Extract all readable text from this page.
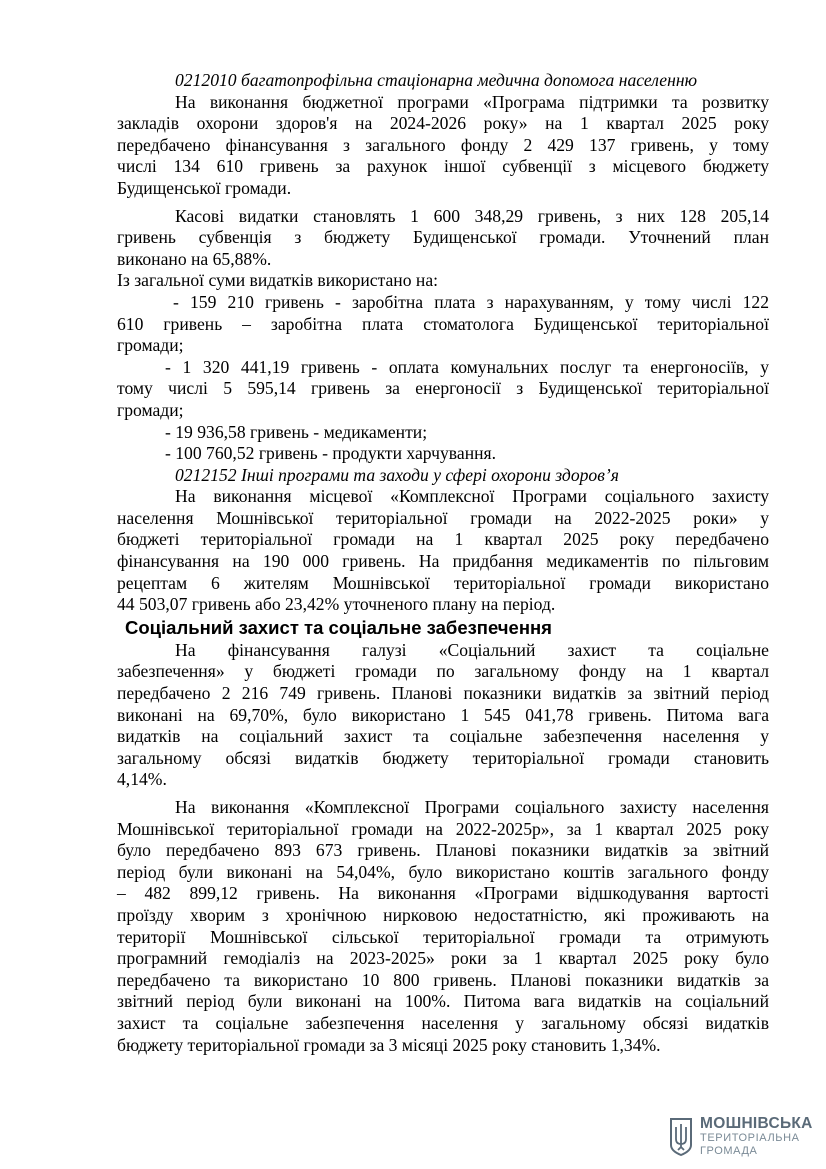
0212010 багатопрофільна стаціонарна медична допомога населенню
На виконання бюджетної програми «Програма підтримки та розвитку
закладів охорони здоров'я на 2024-2026 року» на 1 квартал 2025 року
передбачено фінансування з загального фонду 2 429 137 гривень, у тому
числі 134 610 гривень за рахунок іншої субвенції з місцевого бюджету
Будищенської громади.
Касові видатки становлять 1 600 348,29 гривень, з них 128 205,14
гривень субвенція з бюджету Будищенської громади. Уточнений план
виконано на 65,88%.
Із загальної суми видатків використано на:
- 159 210 гривень - заробітна плата з нарахуванням, у тому числі 122
610 гривень – заробітна плата стоматолога Будищенської територіальної
громади;
- 1 320 441,19 гривень - оплата комунальних послуг та енергоносіїв, у
тому числі 5 595,14 гривень за енергоносії з Будищенської територіальної
громади;
- 19 936,58 гривень - медикаменти;
- 100 760,52 гривень - продукти харчування.
0212152 Інші програми та заходи у сфері охорони здоров’я
На виконання місцевої «Комплексної Програми соціального захисту
населення Мошнівської територіальної громади на 2022-2025 роки» у
бюджеті територіальної громади на 1 квартал 2025 року передбачено
фінансування на 190 000 гривень. На придбання медикаментів по пільговим
рецептам 6 жителям Мошнівської територіальної громади використано
44 503,07 гривень або 23,42% уточненого плану на період.
Соціальний захист та соціальне забезпечення
На фінансування галузі «Соціальний захист та соціальне
забезпечення» у бюджеті громади по загальному фонду на 1 квартал
передбачено 2 216 749 гривень. Планові показники видатків за звітний період
виконані на 69,70%, було використано 1 545 041,78 гривень. Питома вага
видатків на соціальний захист та соціальне забезпечення населення у
загальному обсязі видатків бюджету територіальної громади становить
4,14%.
На виконання «Комплексної Програми соціального захисту населення
Мошнівської територіальної громади на 2022-2025р», за 1 квартал 2025 року
було передбачено 893 673 гривень. Планові показники видатків за звітний
період були виконані на 54,04%, було використано коштів загального фонду
– 482 899,12 гривень. На виконання «Програми відшкодування вартості
проїзду хворим з хронічною нирковою недостатністю, які проживають на
території Мошнівської сільської територіальної громади та отримують
програмний гемодіаліз на 2023-2025» роки за 1 квартал 2025 року було
передбачено та використано 10 800 гривень. Планові показники видатків за
звітний період були виконані на 100%. Питома вага видатків на соціальний
захист та соціальне забезпечення населення у загальному обсязі видатків
бюджету територіальної громади за 3 місяці 2025 року становить 1,34%.
МОШНІВСЬКА
ТЕРИТОРІАЛЬНА
ГРОМАДА
